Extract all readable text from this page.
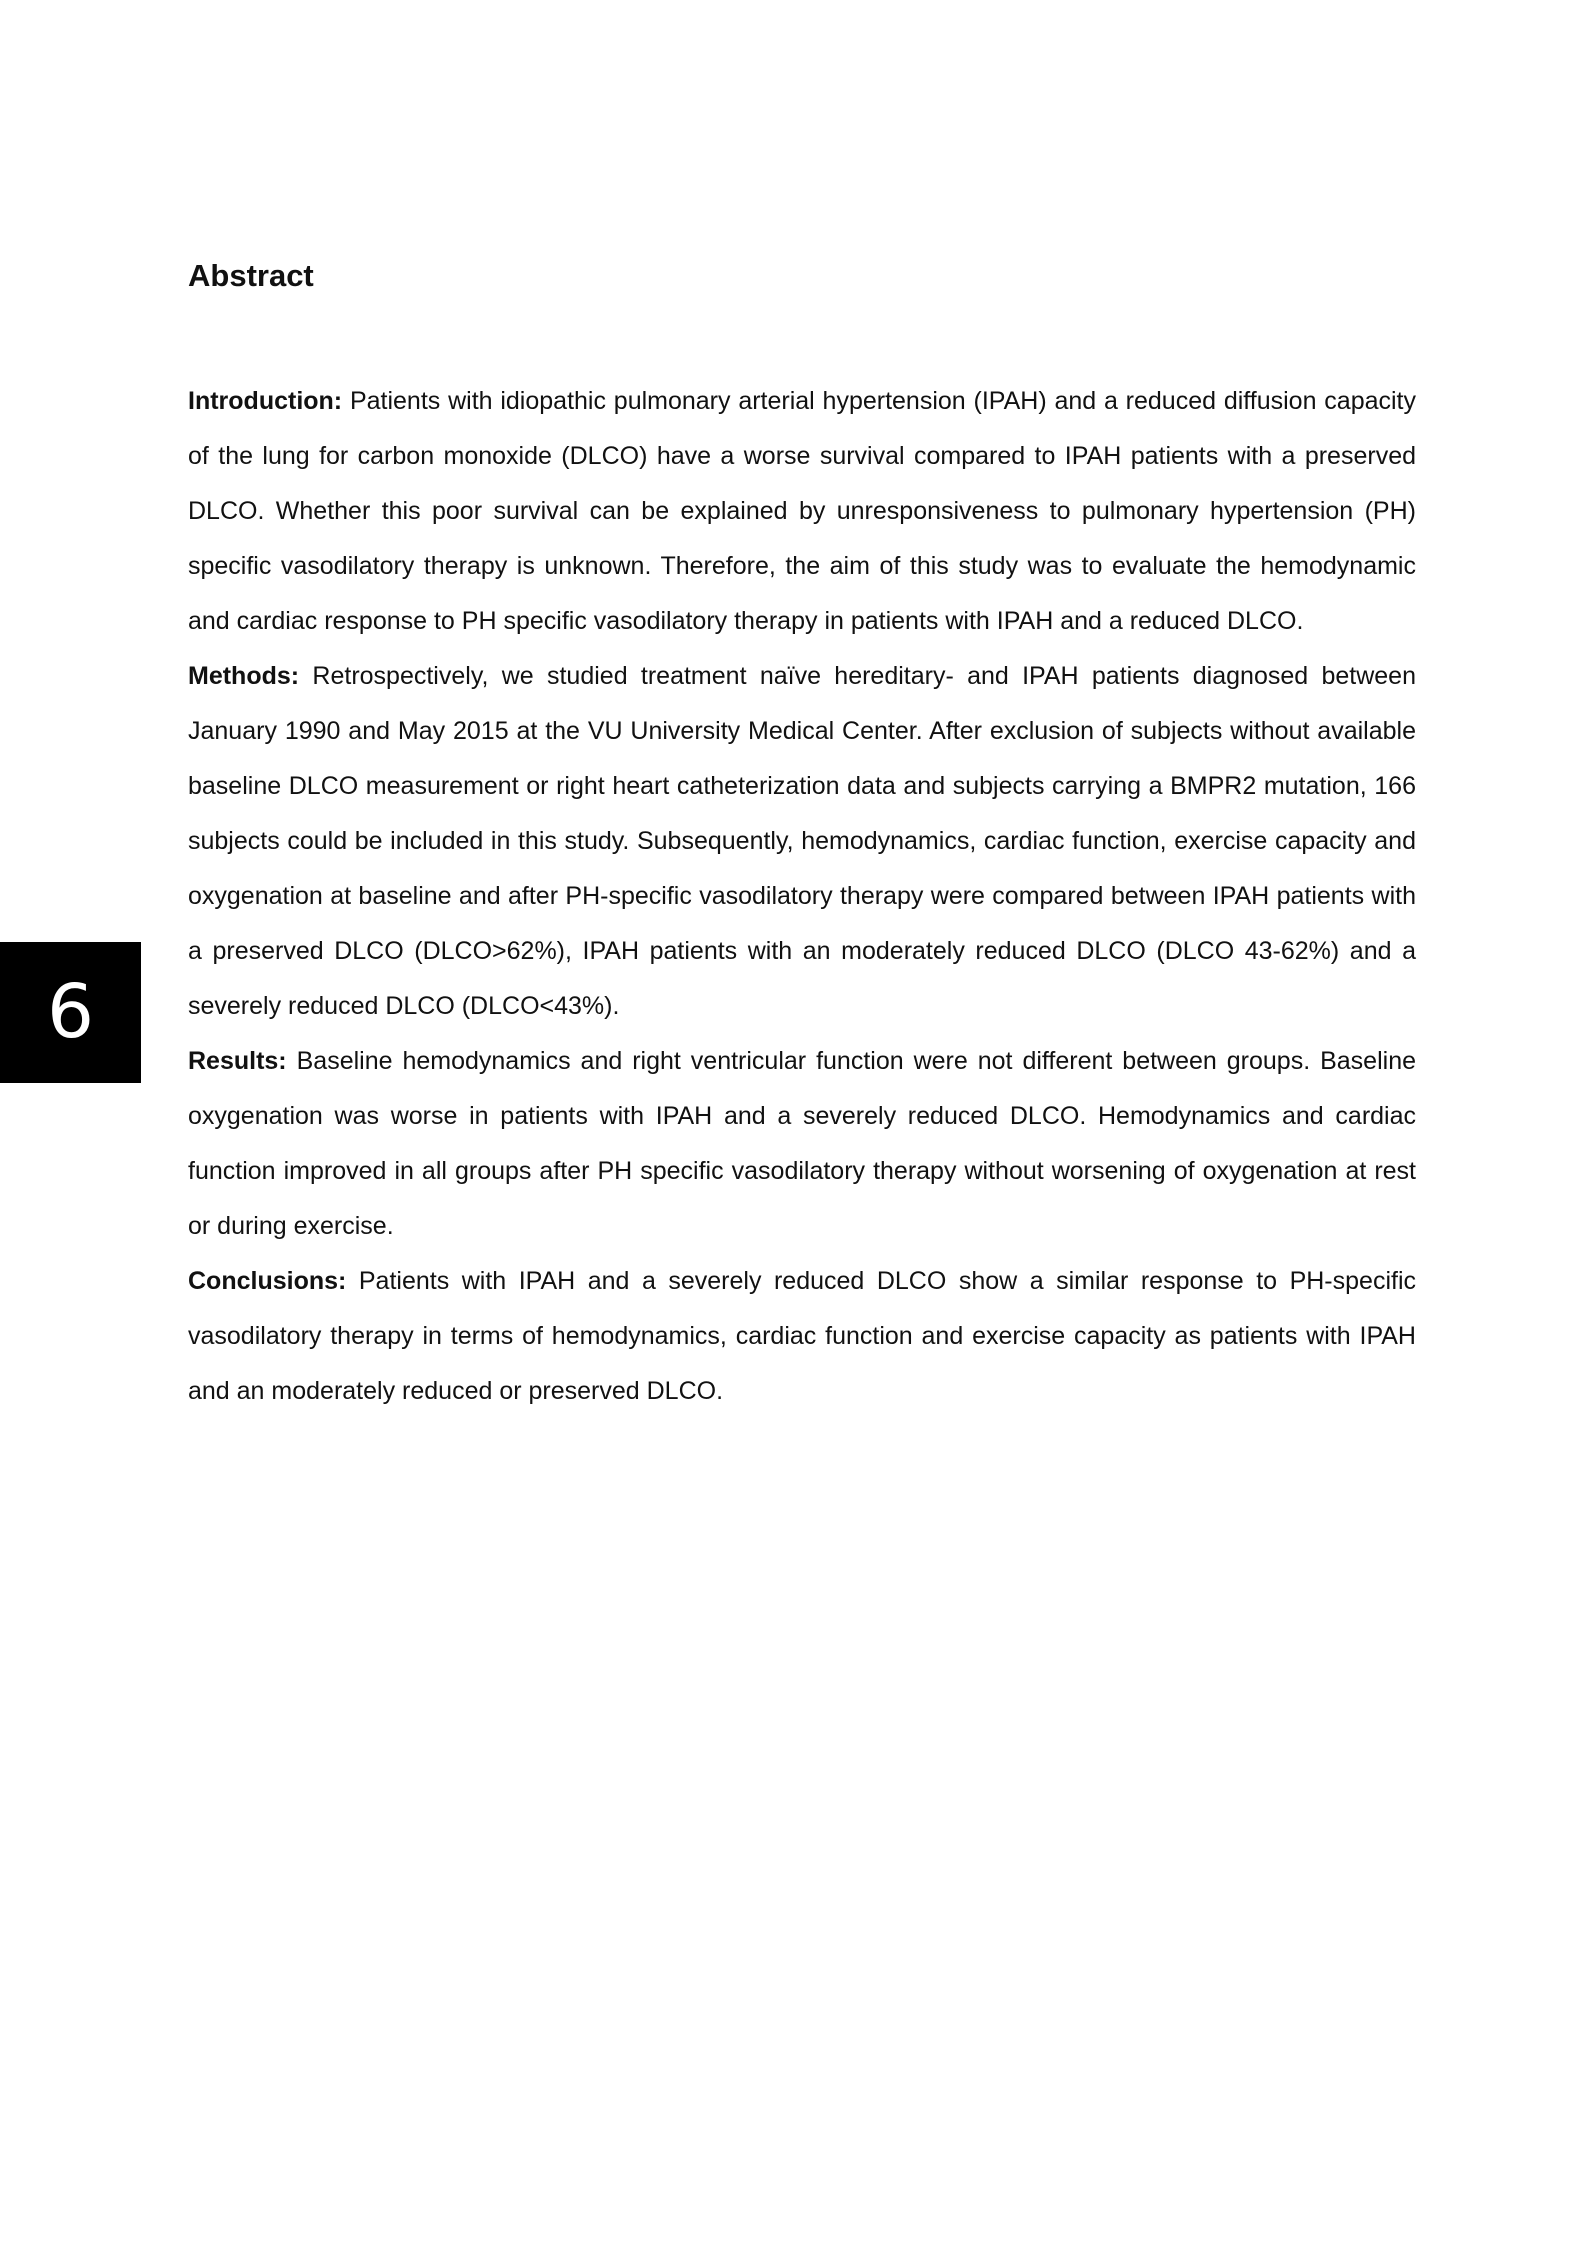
6
Abstract

Introduction: Patients with idiopathic pulmonary arterial hypertension (IPAH) and a reduced diffusion capacity of the lung for carbon monoxide (DLCO) have a worse survival compared to IPAH patients with a preserved DLCO. Whether this poor survival can be explained by unresponsiveness to pulmonary hypertension (PH) specific vasodilatory therapy is unknown. Therefore, the aim of this study was to evaluate the hemodynamic and cardiac response to PH specific vasodilatory therapy in patients with IPAH and a reduced DLCO.

Methods: Retrospectively, we studied treatment naïve hereditary- and IPAH patients diagnosed between January 1990 and May 2015 at the VU University Medical Center. After exclusion of subjects without available baseline DLCO measurement or right heart catheterization data and subjects carrying a BMPR2 mutation, 166 subjects could be included in this study. Subsequently, hemodynamics, cardiac function, exercise capacity and oxygenation at baseline and after PH-specific vasodilatory therapy were compared between IPAH patients with a preserved DLCO (DLCO>62%), IPAH patients with an moderately reduced DLCO (DLCO 43-62%) and a severely reduced DLCO (DLCO<43%).

Results: Baseline hemodynamics and right ventricular function were not different between groups. Baseline oxygenation was worse in patients with IPAH and a severely reduced DLCO. Hemodynamics and cardiac function improved in all groups after PH specific vasodilatory therapy without worsening of oxygenation at rest or during exercise.

Conclusions: Patients with IPAH and a severely reduced DLCO show a similar response to PH-specific vasodilatory therapy in terms of hemodynamics, cardiac function and exercise capacity as patients with IPAH and an moderately reduced or preserved DLCO.
